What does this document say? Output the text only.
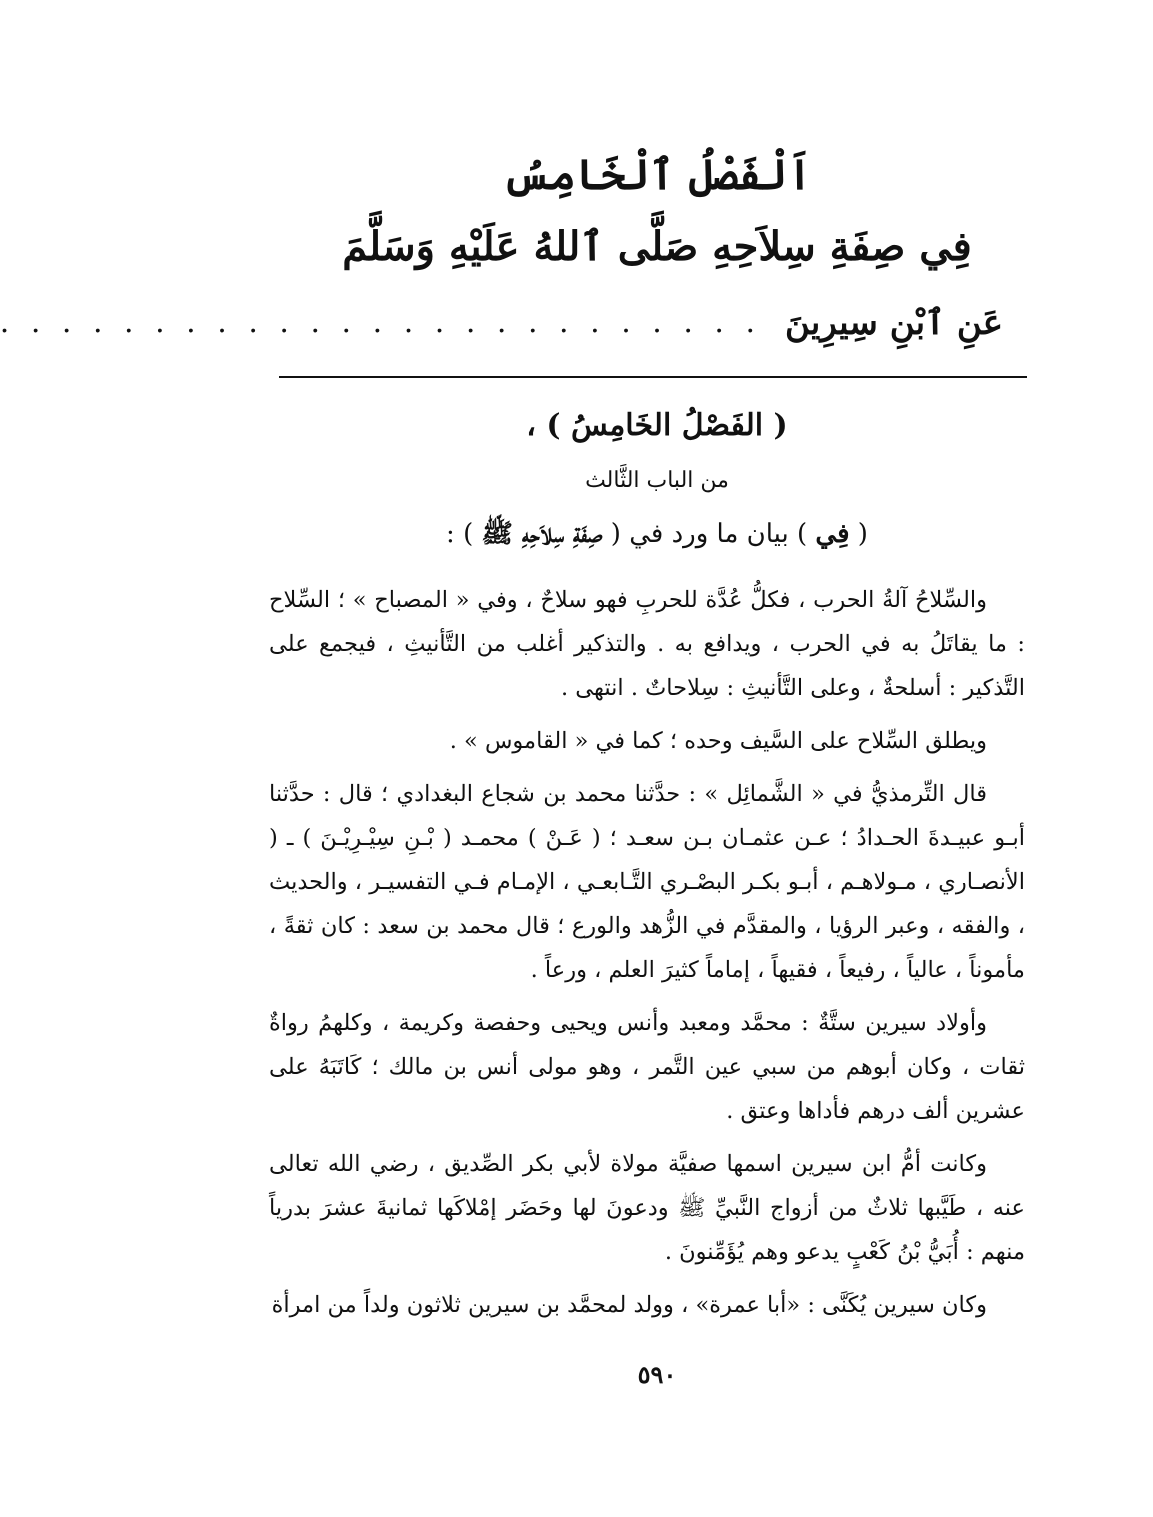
اَلْفَصْلُ ٱلْخَامِسُ

فِي صِفَةِ سِلاَحِهِ صَلَّى ٱللهُ عَلَيْهِ وَسَلَّمَ

عَنِ ٱبْنِ سِيرِينَ
. . . . . . . . . . . . . . . . . . . . . . . . .

( الفَصْلُ الخَامِسُ ) ،

من الباب الثَّالث

( فِي ) بيان ما ورد في ( صِفَةِ سِلاَحِهِ ﷺ ) :

والسِّلاحُ آلةُ الحرب ، فكلُّ عُدَّة للحربِ فهو سلاحٌ ، وفي « المصباح » ؛ السِّلاح : ما يقاتَلُ به في الحرب ، ويدافع به . والتذكير أغلب من التَّأنيثِ ، فيجمع على التَّذكير : أسلحةٌ ، وعلى التَّأنيثِ : سِلاحاتٌ . انتهى .

ويطلق السِّلاح على السَّيف وحده ؛ كما في « القاموس » .

قال التِّرمذيُّ في « الشَّمائِل » : حدَّثنا محمد بن شجاع البغدادي ؛ قال : حدَّثنا أبـو عبيـدةَ الحـدادُ ؛ عـن عثمـان بـن سعـد ؛ ( عَـنْ ) محمـد ( بْـنِ سِيْـرِيْـنَ ) ـ ( الأنصـاري ، مـولاهـم ، أبـو بكـر البصْـري التَّـابعـي ، الإمـام فـي التفسيـر ، والحديث ، والفقه ، وعبر الرؤيا ، والمقدَّم في الزُّهد والورع ؛ قال محمد بن سعد : كان ثقةً ، مأموناً ، عالياً ، رفيعاً ، فقيهاً ، إماماً كثيرَ العلم ، ورعاً .

وأولاد سيرين ستَّةٌ : محمَّد ومعبد وأنس ويحيى وحفصة وكريمة ، وكلهمُ رواةٌ ثقات ، وكان أبوهم من سبي عين التَّمر ، وهو مولى أنس بن مالك ؛ كَاتَبَهُ على عشرين ألف درهم فأداها وعتق .

وكانت أمُّ ابن سيرين اسمها صفيَّة مولاة لأبي بكر الصِّديق ، رضي الله تعالى عنه ، طَيَّبها ثلاثٌ من أزواج النَّبيِّ ﷺ ودعونَ لها وحَضَر إمْلاكَها ثمانيةَ عشرَ بدرياً منهم : أُبَيُّ بْنُ كَعْبٍ يدعو وهم يُؤَمِّنونَ .

وكان سيرين يُكَنَّى : «أبا عمرة» ، وولد لمحمَّد بن سيرين ثلاثون ولداً من امرأة

٥٩٠
